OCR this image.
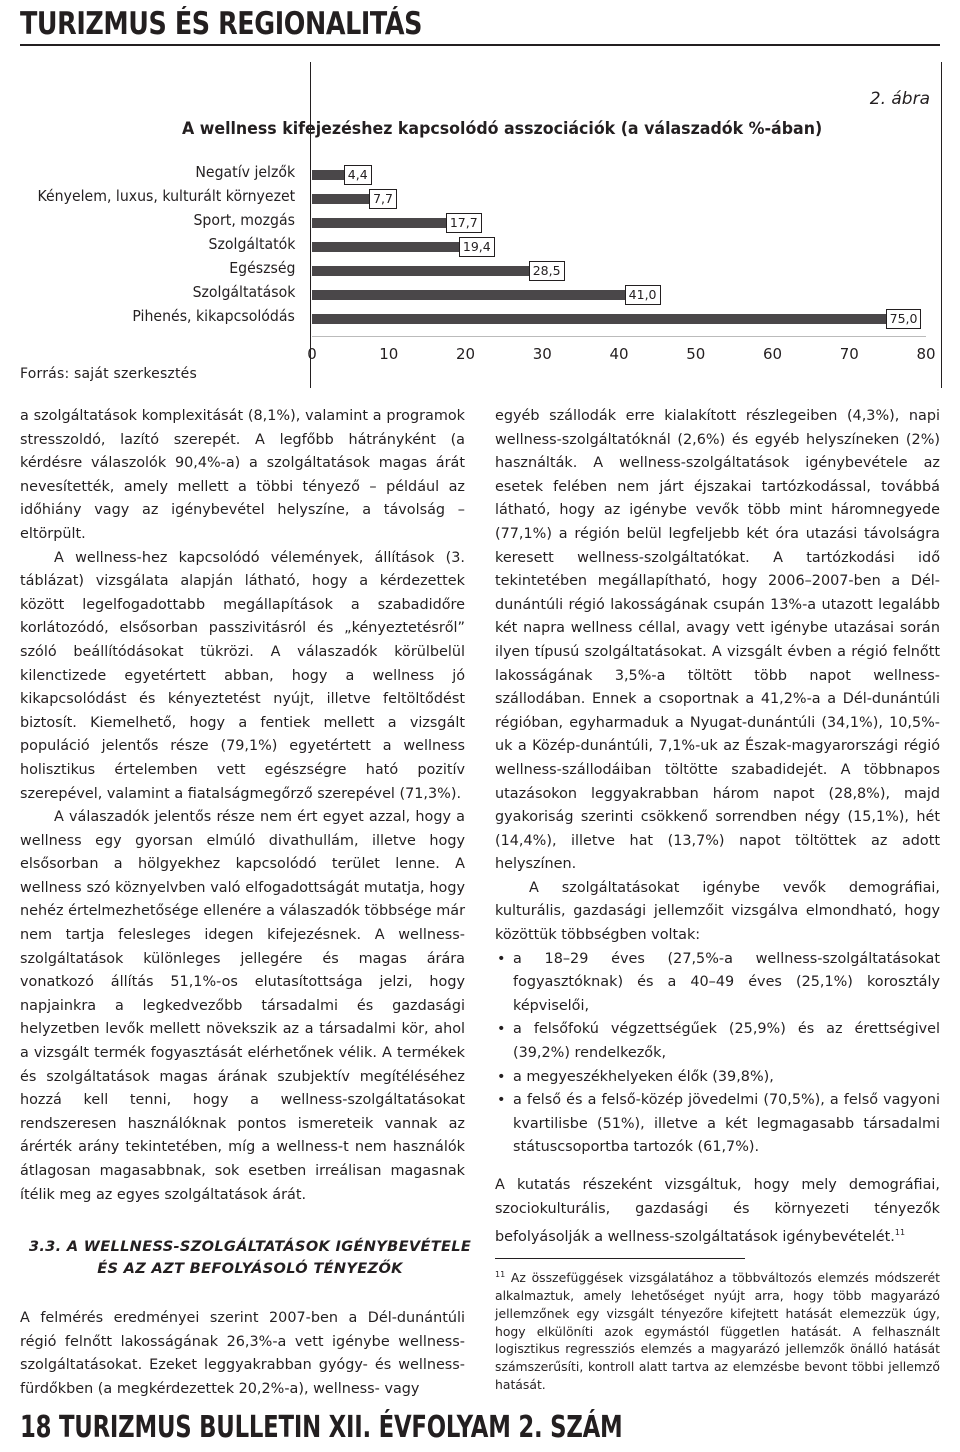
TURIZMUS ÉS REGIONALITÁS
2. ábra
A wellness kifejezéshez kapcsolódó asszociációk (a válaszadók %-ában)
Forrás: saját szerkesztés

a szolgáltatások komplexitását (8,1%), valamint a programok stresszoldó, lazító szerepét. A legfőbb hátrányként (a kérdésre válaszolók 90,4%-a) a szolgáltatások magas árát nevesítették, amely mellett a többi tényező – például az időhiány vagy az igénybevétel helyszíne, a távolság – eltörpült.

A wellness-hez kapcsolódó vélemények, állítások (3. táblázat) vizsgálata alapján látható, hogy a kérdezettek között legelfogadottabb megállapítások a szabadidőre korlátozódó, elsősorban passzivitásról és „kényeztetésről” szóló beállítódásokat tükrözi. A válaszadók körülbelül kilenctizede egyetértett abban, hogy a wellness jó kikapcsolódást és kényeztetést nyújt, illetve feltöltődést biztosít. Kiemelhető, hogy a fentiek mellett a vizsgált populáció jelentős része (79,1%) egyetértett a wellness holisztikus értelemben vett egészségre ható pozitív szerepével, valamint a fiatalságmegőrző szerepével (71,3%).

A válaszadók jelentős része nem ért egyet azzal, hogy a wellness egy gyorsan elmúló divathullám, illetve hogy elsősorban a hölgyekhez kapcsolódó terület lenne. A wellness szó köznyelvben való elfogadottságát mutatja, hogy nehéz értelmezhetősége ellenére a válaszadók többsége már nem tartja felesleges idegen kifejezésnek. A wellness-szolgáltatások különleges jellegére és magas árára vonatkozó állítás 51,1%-os elutasítottsága jelzi, hogy napjainkra a legkedvezőbb társadalmi és gazdasági helyzetben levők mellett növekszik az a társadalmi kör, ahol a vizsgált termék fogyasztását elérhetőnek vélik. A termékek és szolgáltatások magas árának szubjektív megítéléséhez hozzá kell tenni, hogy a wellness-szolgáltatásokat rendszeresen használóknak pontos ismereteik vannak az árérték arány tekintetében, míg a wellness-t nem használók átlagosan magasabbnak, sok esetben irreálisan magasnak ítélik meg az egyes szolgáltatások árát.

3.3. A WELLNESS-SZOLGÁLTATÁSOK IGÉNYBEVÉTELE
ÉS AZ AZT BEFOLYÁSOLÓ TÉNYEZŐK

A felmérés eredményei szerint 2007-ben a Dél-dunántúli régió felnőtt lakosságának 26,3%-a vett igénybe wellness-szolgáltatásokat. Ezeket leggyakrabban gyógy- és wellness-fürdőkben (a megkérdezettek 20,2%-a), wellness- vagy

egyéb szállodák erre kialakított részlegeiben (4,3%), napi wellness-szolgáltatóknál (2,6%) és egyéb helyszíneken (2%) használták. A wellness-szolgáltatások igénybevétele az esetek felében nem járt éjszakai tartózkodással, továbbá látható, hogy az igénybe vevők több mint háromnegyede (77,1%) a régión belül legfeljebb két óra utazási távolságra keresett wellness-szolgáltatókat. A tartózkodási idő tekintetében megállapítható, hogy 2006–2007-ben a Dél-dunántúli régió lakosságának csupán 13%-a utazott legalább két napra wellness céllal, avagy vett igénybe utazásai során ilyen típusú szolgáltatásokat. A vizsgált évben a régió felnőtt lakosságának 3,5%-a töltött több napot wellness-szállodában. Ennek a csoportnak a 41,2%-a a Dél-dunántúli régióban, egyharmaduk a Nyugat-dunántúli (34,1%), 10,5%-uk a Közép-dunántúli, 7,1%-uk az Észak-magyarországi régió wellness-szállodáiban töltötte szabadidejét. A többnapos utazásokon leggyakrabban három napot (28,8%), majd gyakoriság szerinti csökkenő sorrendben négy (15,1%), hét (14,4%), illetve hat (13,7%) napot töltöttek az adott helyszínen.

A szolgáltatásokat igénybe vevők demográfiai, kulturális, gazdasági jellemzőit vizsgálva elmondható, hogy közöttük többségben voltak:

• a 18–29 éves (27,5%-a wellness-szolgáltatásokat fogyasztóknak) és a 40–49 éves (25,1%) korosztály képviselői,
• a felsőfokú végzettségűek (25,9%) és az érettségivel (39,2%) rendelkezők,
• a megyeszékhelyeken élők (39,8%),
• a felső és a felső-közép jövedelmi (70,5%), a felső vagyoni kvartilisbe (51%), illetve a két legmagasabb társadalmi státuscsoportba tartozók (61,7%).

A kutatás részeként vizsgáltuk, hogy mely demográfiai, szociokulturális, gazdasági és környezeti tényezők befolyásolják a wellness-szolgáltatások igénybevételét.$^{11}$

$^{11}$ Az összefüggések vizsgálatához a többváltozós elemzés módszerét alkalmaztuk, amely lehetőséget nyújt arra, hogy több magyarázó jellemzőnek egy vizsgált tényezőre kifejtett hatását elemezzük úgy, hogy elkülöníti azok egymástól független hatását. A felhasznált logisztikus regressziós elemzés a magyarázó jellemzők önálló hatását számszerűsíti, kontroll alatt tartva az elemzésbe bevont többi jellemző hatását.
18 TURIZMUS BULLETIN XII. ÉVFOLYAM 2. SZÁM
Negatív jelzők	4,4
Kényelem, luxus, kulturált környezet	7,7
Sport, mozgás	17,7
Szolgáltatók	19,4
Egészség	28,5
Szolgáltatások	41,0
Pihenés, kikapcsolódás	75,0
0	10	20	30	40	50	60	70	80
